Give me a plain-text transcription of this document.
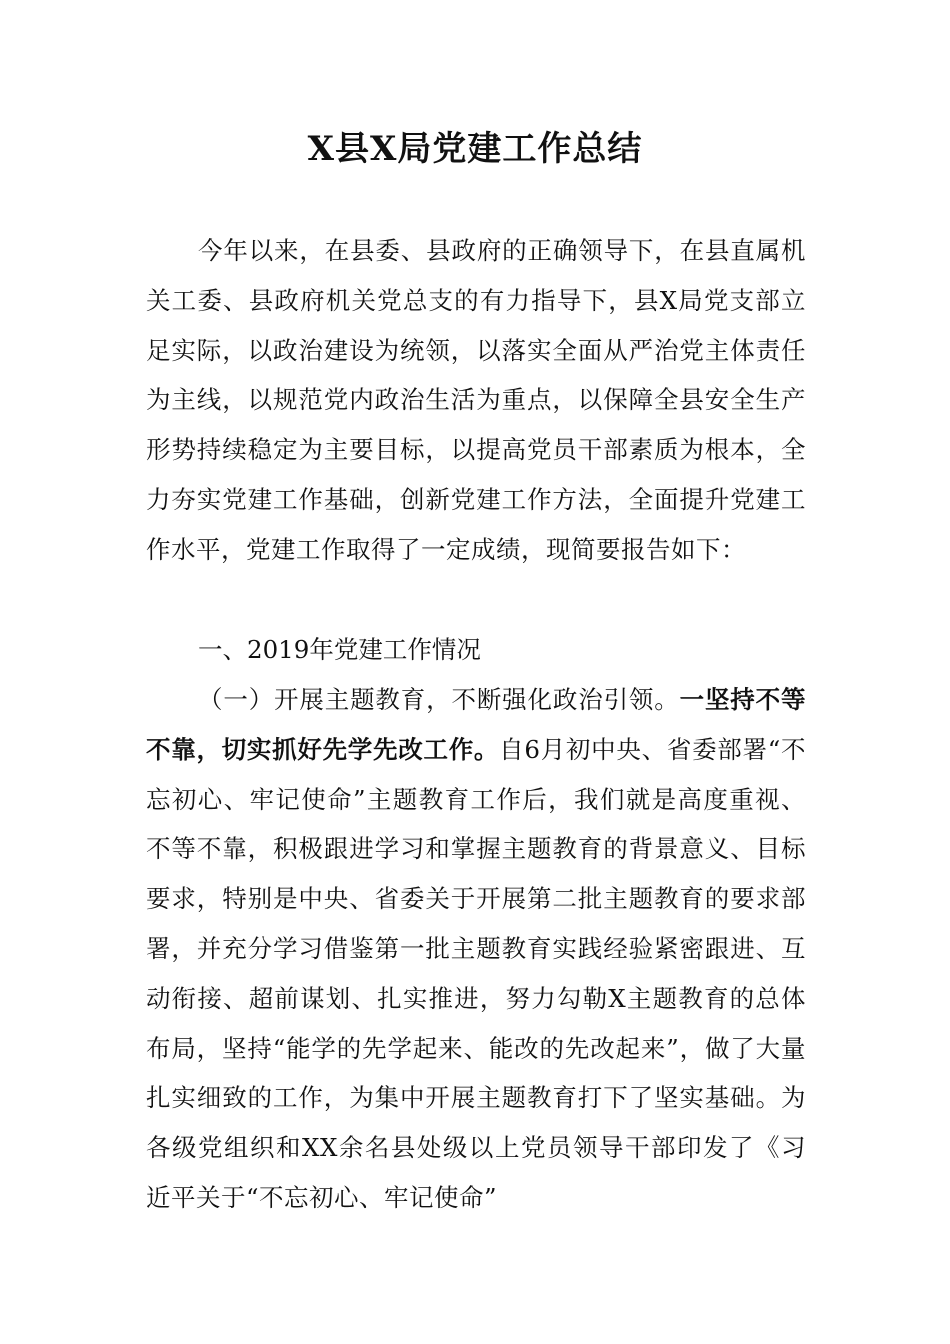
X县X局党建工作总结

今年以来，在县委、县政府的正确领导下，在县直属机关工委、县政府机关党总支的有力指导下，县X局党支部立足实际，以政治建设为统领，以落实全面从严治党主体责任为主线，以规范党内政治生活为重点，以保障全县安全生产形势持续稳定为主要目标，以提高党员干部素质为根本，全力夯实党建工作基础，创新党建工作方法，全面提升党建工作水平，党建工作取得了一定成绩，现简要报告如下：

一、2019年党建工作情况

（一）开展主题教育，不断强化政治引领。一坚持不等不靠，切实抓好先学先改工作。自6月初中央、省委部署“不忘初心、牢记使命”主题教育工作后，我们就是高度重视、不等不靠，积极跟进学习和掌握主题教育的背景意义、目标要求，特别是中央、省委关于开展第二批主题教育的要求部署，并充分学习借鉴第一批主题教育实践经验紧密跟进、互动衔接、超前谋划、扎实推进，努力勾勒X主题教育的总体布局，坚持“能学的先学起来、能改的先改起来”，做了大量扎实细致的工作，为集中开展主题教育打下了坚实基础。为各级党组织和XX余名县处级以上党员领导干部印发了《习近平关于“不忘初心、牢记使命”
